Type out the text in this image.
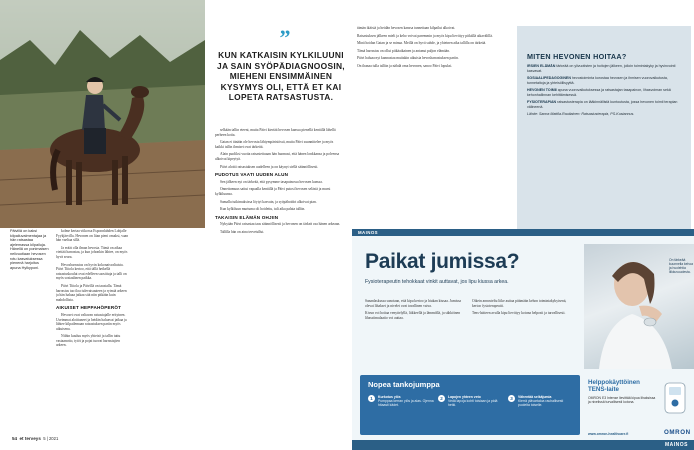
Päivillä on kaksi kilpailuvalmentajaa ja hän ratsastaa ajelemassa kilpailuja. Hänellä on ponimaisen nelivuotiaan hevosen rotu kasvatuksessa pienenä harjoitus apuna Hylkyponi.

kolme kertaa viikossa Espoonlahden Lohjalle Fyykjärvilla. Hevonen on liian pieni omaksi, vaan hän vaeltaa sillä.

Ja eräät olla ilman hevosia. Tämä on aikaa viettää harrastaa, ja kun johonkin lähtee, on myös hyvä seura.

Hevosharrastus on hyvin kokonaisvaltaista. Päivi Tiitola kertoo, että tällä hetkellä ratsastuskoulut ovat edelleen suosittuja ja talli on myös sosiaalinen paikka.

Päivi Tiitola ja Päivillä on taustalla. Tämä harrastus tuo iloa tulevaisuuteen ja rytmiä arkeen ja hän haluaa jatkaa sitä niin pitkään kuin mahdollista.

AIKUISET HEPPAHÖPERÖT

Hevoset ovat valtavan ratsastajalle erityinen. Useimmat aloittaneet ja heidän haluavat jatkaa ja lähtee kilpailemaan ratsastuksen pariin myös aikuisena.

Niihin kuuluu myös yhteisö ja tallin tuttu vastaanotto, tytöt ja pojat tuovat harrastajien arkeen.

”
KUN KATKAISIN KYLKILUUNI JA SAIN SYÖPÄDIAGNOOSIN, MIEHENI ENSIMMÄINEN KYSYMYS OLI, ETTÄ ET KAI LOPETA RATSASTUSTA.

selkään tallin eteeni, mutta Päivi kiertää hevosen kanssa pienellä kentällä lähellä perheen kotia.

Gatan ei tänään ole hevosta lähiympäristössä, mutta Päivi suunnittelee ja myös kaikki tallin ihmiset ovat tärkeitä.

Alain puoliksi vuotta ratsastettuaan hän huomasi, että hänen lonkkansa ja polvensa alkoivat kipeytyä.

Päivi aloitti ratsastuksen uudelleen ja on käynyt siellä säännöllisesti.

PUDOTUS VAATI UUDEN ALUN

Sen jälkeen nyt on tärkeää, että pysymme tasapainossa hevosen kanssa.

Onnettomuus sattui vapaalla kentällä ja Päivi putosi hevosen selästä ja mursi kylkiluunsa.

Samalla tutkimuksissa löytyi kasvain, ja syöpähoidot alkoivat pian.

Kun kylkiluun murtuma oli hoidettu, tuli aika palata talliin.

TAKAISIN ELÄMÄN OHJIIN

Nykyään Päivi ratsastaa taas säännöllisesti ja hevonen on tärkeä osa hänen arkeaan.

Tallilla hän on aina tervetullut.

tämän ikäisiä ja heidän hevosen kanssa tunnettaan kilpailut alkoivat.

Ratsastuksen jälkeen mieli ja keho voivat paremmin ja myös kipu lievittyy pitkällä aikavälillä.

Minä hoidan Gatan ja se minua. Meillä on hyvä suhde, ja yhteinen aika tallilla on tärkeää.

Tämä harrastus on ollut pitkäaikainen ja antanut paljon elämään.

Päivi haluaa nyt kannustaa muitakin aikuisia hevosharrastuksen pariin.

On ihanaa tulla talliin ja nähdä oma hevonen, sanoo Päivi lopuksi.

54 et terveys 5 | 2021
MITEN HEVONEN HOITAA?

IRSIEN ELÄMÄN tärkeää on ylivuotisten ja hoitojen jälkeen, jolloin toimintakyky ja hyvinvointi kasvavat.

SOSIAALIPEDAGOGINEN hevostoiminta korostaa hevosen ja ihmisen vuorovaikutusta, tunnetaitoja ja yhteisöllisyyttä.

HEVONEN TOIMII apuna vuorovaikutuksessa ja ratsastajan tasapainon, lihasvoiman sekä kehonhallinnan kehittämisessä.

FYSIOTERAPIAN ratsastusterapia on lääkinnällistä kuntoutusta, jossa hevonen toimii terapian välineenä.

Lähde: Sanna Mattila-Rautiainen: Ratsastusterapia, PS-Kustannus.

MAINOS
Paikat jumissa?
Fysioterapeutin tehokkaat vinkit auttavat, jos lipu kiussa arkea.

Sananlaskussa sanotaan, että kipu kertoo ja hiukan kiusaa. Jumissa olevat lihakset ja nivelet ovat tavallinen vaiva.

Kivun voi hoitaa venyttelyllä, liikkeellä ja lämmöllä, ja sähköinen lihasstimulaatio voi auttaa.

Oikein annosteltu liike auttaa pitämään kehon toimintakykyisenä, kertoo fysioterapeutti.

Tens-laitteen avulla kipu lievittyy kotona helposti ja turvallisesti.

Nopea tankojumppa
1	Kurkotus ylös
Pumppaa kerran ylös ja alas. Ojenna hitaasti kädet.
2	Lapojen yhteen veto
Vedä lapoja kohti toisiaan ja pidä hetki.
3	Vähentää selkäjumia
Kierrä ylävartaloa rauhallisesti puolelta toiselle.
On tärkeää kuunnella kehoa ja huolehtia liikkuvuudesta.
Helppokäyttöinen TENS-laite
OMRON E3 Intense lievittää kipua lihaksissa ja nivelissä turvallisesti kotona.
www.omron-healthcare.fi	OMRON
MAINOS
